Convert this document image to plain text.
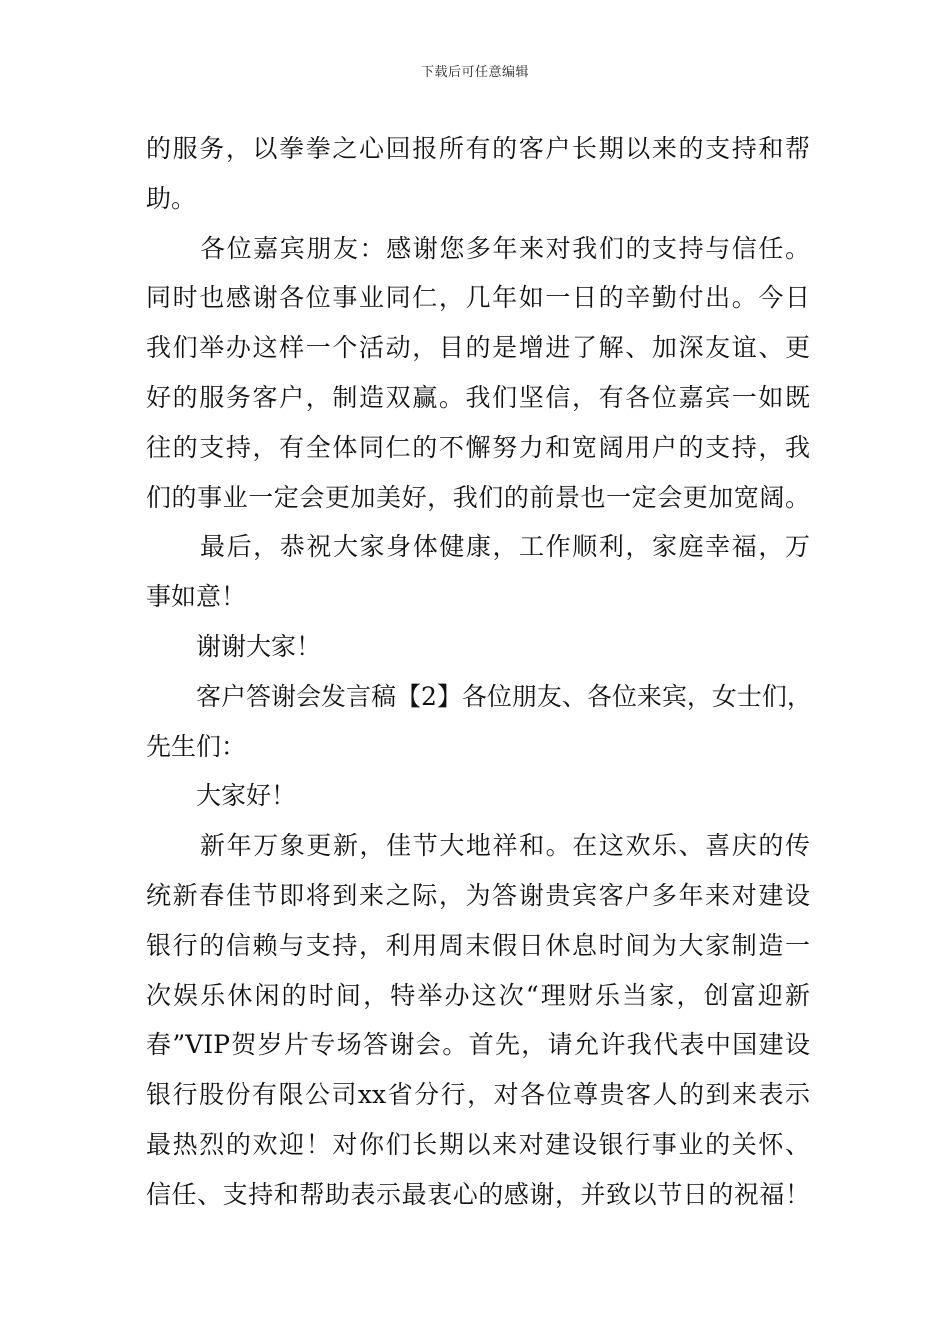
下载后可任意编辑
的服务，以拳拳之心回报所有的客户长期以来的支持和帮
助。
各位嘉宾朋友：感谢您多年来对我们的支持与信任。
同时也感谢各位事业同仁，几年如一日的辛勤付出。今日
我们举办这样一个活动，目的是增进了解、加深友谊、更
好的服务客户，制造双赢。我们坚信，有各位嘉宾一如既
往的支持，有全体同仁的不懈努力和宽阔用户的支持，我
们的事业一定会更加美好，我们的前景也一定会更加宽阔。
最后，恭祝大家身体健康，工作顺利，家庭幸福，万
事如意！
谢谢大家！
客户答谢会发言稿【2】各位朋友、各位来宾，女士们，
先生们：
大家好！
新年万象更新，佳节大地祥和。在这欢乐、喜庆的传
统新春佳节即将到来之际，为答谢贵宾客户多年来对建设
银行的信赖与支持，利用周末假日休息时间为大家制造一
次娱乐休闲的时间，特举办这次“理财乐当家，创富迎新
春”VIP贺岁片专场答谢会。首先，请允许我代表中国建设
银行股份有限公司xx省分行，对各位尊贵客人的到来表示
最热烈的欢迎！对你们长期以来对建设银行事业的关怀、
信任、支持和帮助表示最衷心的感谢，并致以节日的祝福！
